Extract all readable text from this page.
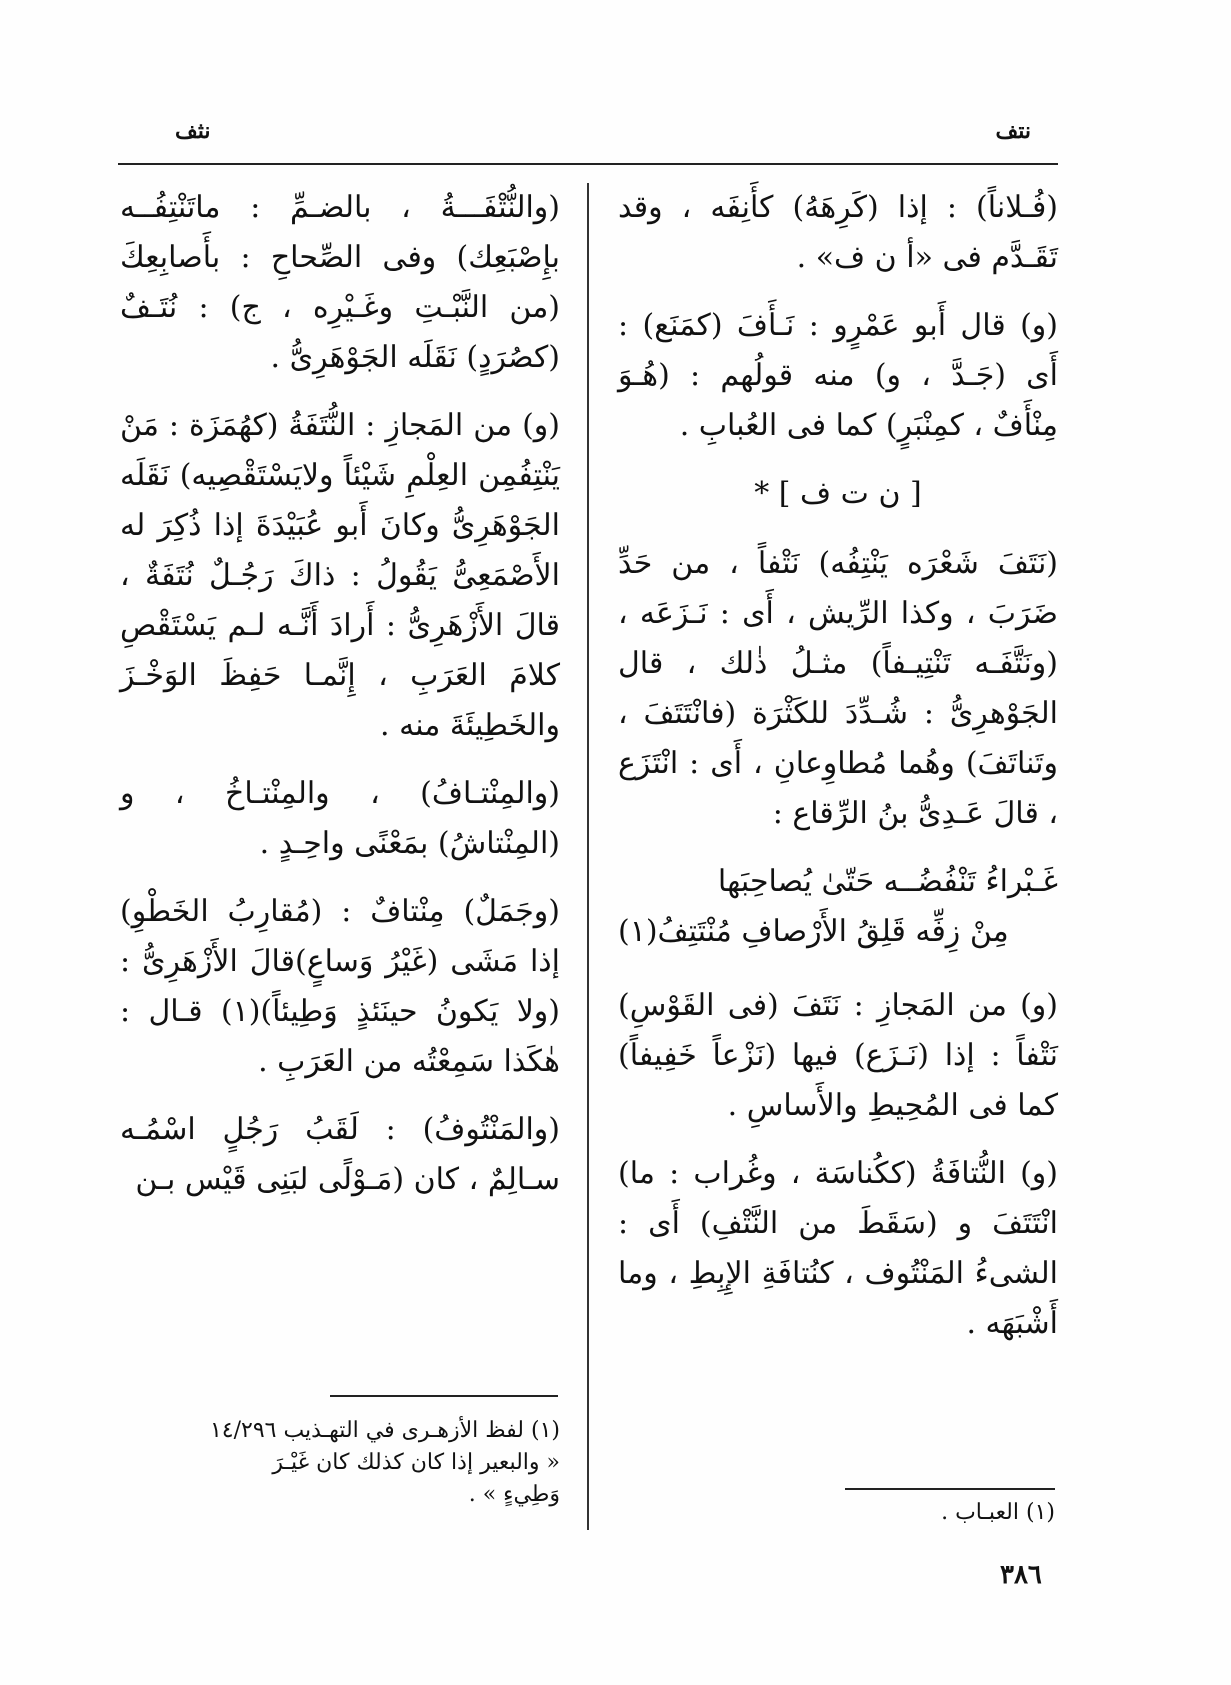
نتف
نثف

(فُـلاناً) : إذا (كَرِهَهُ) كأَنِفَه ، وقد تَقَـدَّم فى «أ ن ف» .

(و) قال أَبو عَمْرٍو : نَـأَفَ (كمَنَع) : أَى (جَـدَّ ، و) منه قولُهم : (هُـوَ مِنْأَفٌ ، كمِنْبَرٍ) كما فى العُبابِ .

[ ن ت ف ] *

(نَتَفَ شَعْرَه يَنْتِفُه) نَتْفاً ، من حَدِّ ضَرَبَ ، وكذا الرِّيش ، أَى : نَـزَعَه ، (ونَتَّفَـه تَنْتِيـفاً) مثـلُ ذٰلك ، قال الجَوْهرِىُّ : شُـدِّدَ للكَثْرَة (فانْتَتَفَ ، وتَناتَفَ) وهُما مُطاوِعانِ ، أَى : انْتَزَع ، قالَ عَـدِىُّ بنُ الرِّقاع :

غَـبْراءُ تَنْفُضُــه حَتّىٰ يُصاحِبَها
مِنْ زِفِّه قَلِقُ الأَرْصافِ مُنْتَتِفُ(١)

(و) من المَجازِ : نَتَفَ (فى القَوْسِ) نَتْفاً : إذا (نَـزَع) فيها (نَزْعاً خَفِيفاً) كما فى المُحِيطِ والأَساسِ .

(و) النُّتافَةُ (ككُناسَة ، وغُراب : ما) انْتَتَفَ و (سَقَطَ من النَّتْفِ) أَى : الشىءُ المَنْتُوف ، كنُتافَةِ الإِبِطِ ، وما أَشْبَهَه .

(والنُّتْفَـــةُ ، بالضـمِّ : ماتَنْتِفُــه بإِصْبَعِك) وفى الصِّحاحِ : بأَصابِعِكَ (من النَّبْـتِ وغَـيْرِه ، ج) : نُتَـفٌ (كصُرَدٍ) نَقَلَه الجَوْهَرِىُّ .

(و) من المَجازِ : النُّتَفَةُ (كهُمَزَة : مَنْ يَنْتِفُمِن العِلْمِ شَيْئاً ولايَسْتَقْصِيه) نَقَلَه الجَوْهَرِىُّ وكانَ أَبو عُبَيْدَةَ إذا ذُكِرَ له الأَصْمَعِىُّ يَقُولُ : ذاكَ رَجُـلٌ نُتَفَةٌ ، قالَ الأَزْهَرِىُّ : أَرادَ أَنَّـه لـم يَسْتَقْصِ كلامَ العَرَبِ ، إِنَّمـا حَفِظَ الوَخْـزَ والخَطِيئَةَ منه .

(والمِنْتـافُ) ، والمِنْتـاخُ ، و (المِنْتاشُ) بمَعْنًى واحِـدٍ .

(وجَمَلٌ) مِنْتافٌ : (مُقارِبُ الخَطْوِ) إذا مَشَى (غَيْرُ وَساعٍ)قالَ الأَزْهَرِىُّ : (ولا يَكونُ حينَئذٍ وَطِيئاً)(١) قـال : هٰكَذا سَمِعْتُه من العَرَبِ .

(والمَنْتُوفُ) : لَقَبُ رَجُلٍ اسْمُـه سـالِمٌ ، كان (مَـوْلًى لبَنِى قَيْس بـن

(١) لفظ الأزهـرى في التهـذيب ١٤/٢٩٦
« والبعير إذا كان كذلك كان غَيْـرَ
وَطِيءٍ » .
(١) العبـاب .
٣٨٦
